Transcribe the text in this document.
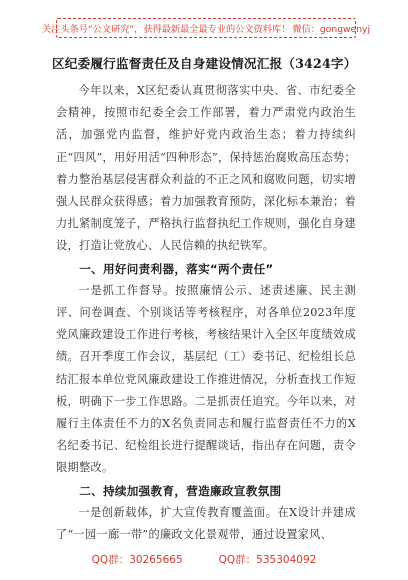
关注头条号“公文研究”，获得最新最全最专业的公文资料库！ 微信：gongwenyj
区纪委履行监督责任及自身建设情况汇报（3424字）

今年以来，X区纪委认真贯彻落实中央、省、市纪委全会精神，按照市纪委全会工作部署，着力严肃党内政治生活，加强党内监督，维护好党内政治生态；着力持续纠正“四风”，用好用活“四种形态”，保持惩治腐败高压态势；着力整治基层侵害群众利益的不正之风和腐败问题，切实增强人民群众获得感；着力加强教育预防，深化标本兼治；着力扎紧制度笼子，严格执行监督执纪工作规则，强化自身建设，打造让党放心、人民信赖的执纪铁军。

一、用好问责利器，落实“两个责任”

一是抓工作督导。按照廉情公示、述责述廉、民主测评、问卷调查、个别谈话等考核程序，对各单位2023年度党风廉政建设工作进行考核，考核结果计入全区年度绩效成绩。召开季度工作会议，基层纪（工）委书记、纪检组长总结汇报本单位党风廉政建设工作推进情况，分析查找工作短板，明确下一步工作思路。二是抓责任追究。今年以来，对履行主体责任不力的X名负责同志和履行监督责任不力的X名纪委书记、纪检组长进行提醒谈话，指出存在问题，责令限期整改。

二、持续加强教育，营造廉政宣教氛围

一是创新载体，扩大宣传教育覆盖面。在X设计并建成了“一园一廊一带”的廉政文化景观带，通过设置家风、

QQ群：30265665	QQ群：535304092
